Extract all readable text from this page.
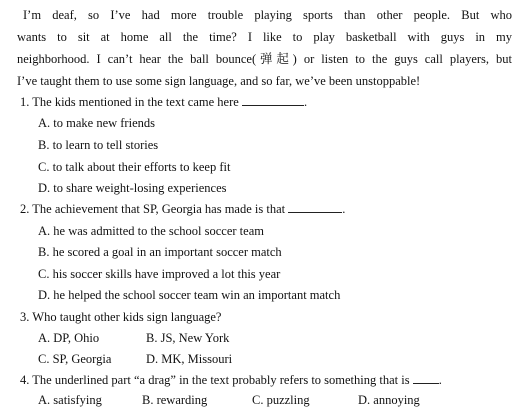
I’m deaf, so I’ve had more trouble playing sports than other people. But who
wants to sit at home all the time? I like to play basketball with guys in my
neighborhood. I can’t hear the ball bounce(弹起) or listen to the guys call players, but
I’ve taught them to use some sign language, and so far, we’ve been unstoppable!
1. The kids mentioned in the text came here	.
A. to make new friends
B. to learn to tell stories
C. to talk about their efforts to keep fit
D. to share weight-losing experiences
2. The achievement that SP, Georgia has made is that	.
A. he was admitted to the school soccer team
B. he scored a goal in an important soccer match
C. his soccer skills have improved a lot this year
D. he helped the school soccer team win an important match
3. Who taught other kids sign language?
A. DP, Ohio	B. JS, New York
C. SP, Georgia	D. MK, Missouri
4. The underlined part “a drag” in the text probably refers to something that is .
A. satisfying	B. rewarding	C. puzzling	D. annoying
